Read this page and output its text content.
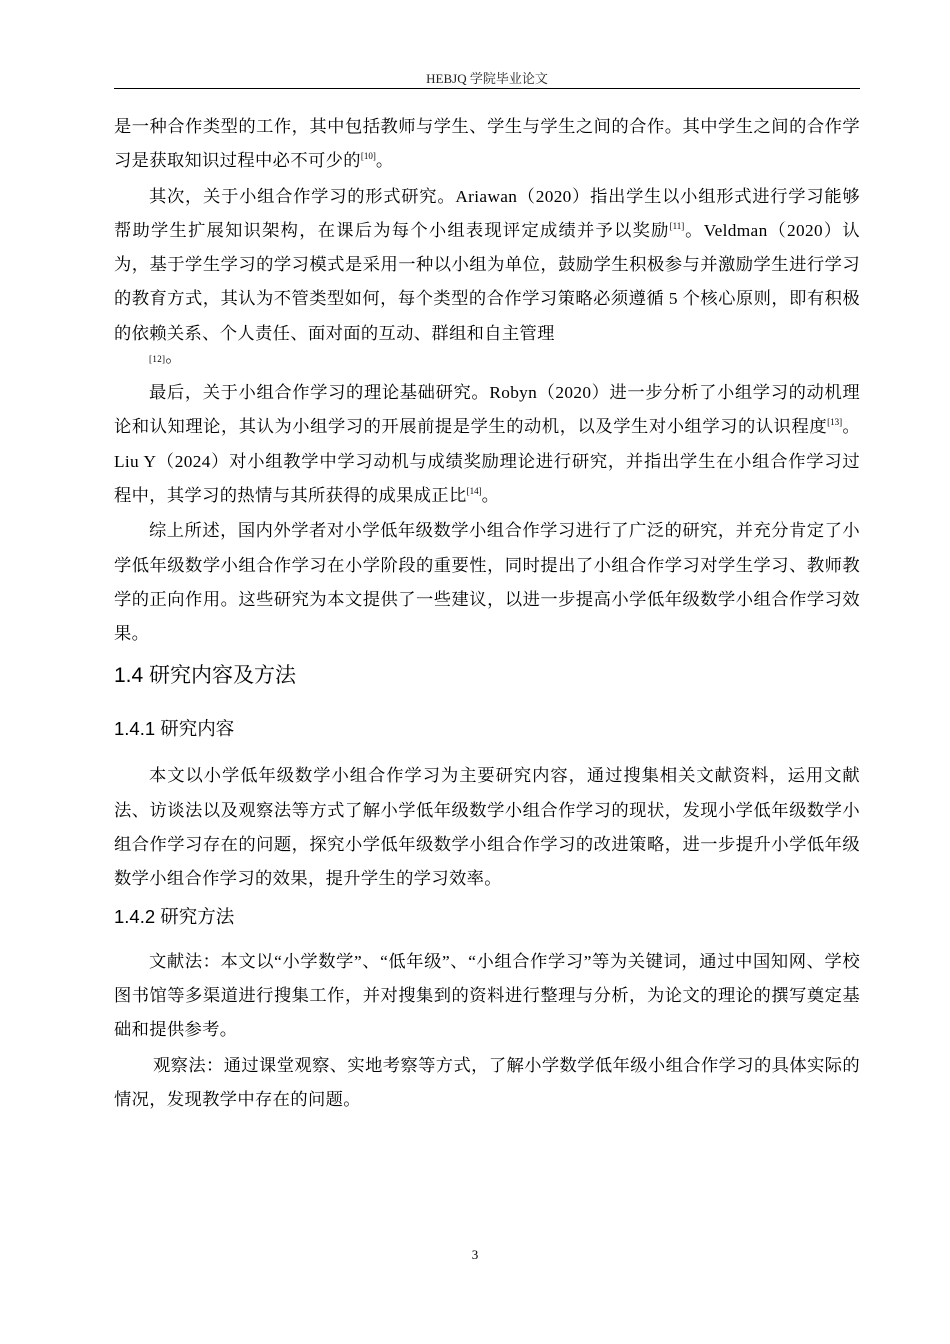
HEBJQ 学院毕业论文

是一种合作类型的工作，其中包括教师与学生、学生与学生之间的合作。其中学生之间的合作学习是获取知识过程中必不可少的[10]。

其次，关于小组合作学习的形式研究。Ariawan（2020）指出学生以小组形式进行学习能够帮助学生扩展知识架构，在课后为每个小组表现评定成绩并予以奖励[11]。Veldman（2020）认为，基于学生学习的学习模式是采用一种以小组为单位，鼓励学生积极参与并激励学生进行学习的教育方式，其认为不管类型如何，每个类型的合作学习策略必须遵循 5 个核心原则，即有积极的依赖关系、个人责任、面对面的互动、群组和自主管理
[12]。

最后，关于小组合作学习的理论基础研究。Robyn（2020）进一步分析了小组学习的动机理论和认知理论，其认为小组学习的开展前提是学生的动机，以及学生对小组学习的认识程度[13]。Liu Y（2024）对小组教学中学习动机与成绩奖励理论进行研究，并指出学生在小组合作学习过程中，其学习的热情与其所获得的成果成正比[14]。

综上所述，国内外学者对小学低年级数学小组合作学习进行了广泛的研究，并充分肯定了小学低年级数学小组合作学习在小学阶段的重要性，同时提出了小组合作学习对学生学习、教师教学的正向作用。这些研究为本文提供了一些建议，以进一步提高小学低年级数学小组合作学习效果。

1.4 研究内容及方法
1.4.1 研究内容

本文以小学低年级数学小组合作学习为主要研究内容，通过搜集相关文献资料，运用文献法、访谈法以及观察法等方式了解小学低年级数学小组合作学习的现状，发现小学低年级数学小组合作学习存在的问题，探究小学低年级数学小组合作学习的改进策略，进一步提升小学低年级数学小组合作学习的效果，提升学生的学习效率。

1.4.2 研究方法

文献法：本文以“小学数学”、“低年级”、“小组合作学习”等为关键词，通过中国知网、学校图书馆等多渠道进行搜集工作，并对搜集到的资料进行整理与分析，为论文的理论的撰写奠定基础和提供参考。

观察法：通过课堂观察、实地考察等方式，了解小学数学低年级小组合作学习的具体实际的情况，发现教学中存在的问题。

3
